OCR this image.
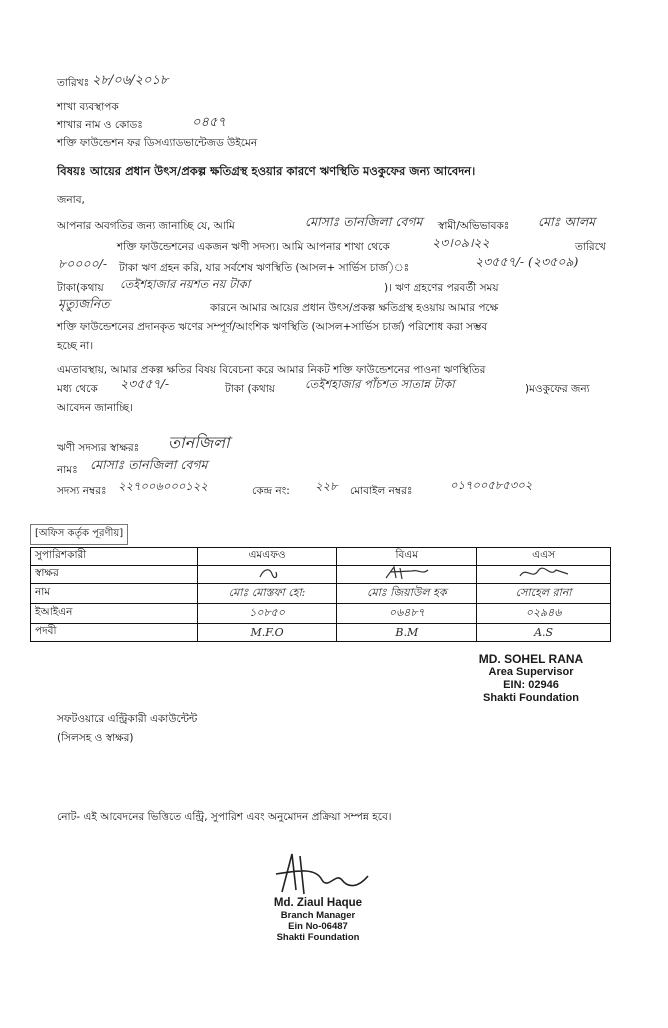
তারিখঃ ২৮/০৬/২০১৮
শাখা ব্যবস্থাপক
শাখার নাম ও কোডঃ	০৪৫৭
শক্তি ফাউন্ডেশন ফর ডিসএ্যাডভান্টেজড উইমেন
বিষয়ঃ আয়ের প্রধান উৎস/প্রকল্প ক্ষতিগ্রস্থ হওয়ার কারণে ঋণস্থিতি মওকুফের জন্য আবেদন।
জনাব,
আপনার অবগতির জন্য জানাচ্ছি যে, আমি	মোসাঃ তানজিলা বেগম স্বামী/অভিভাবকঃ মোঃ আলম
শক্তি ফাউন্ডেশনের একজন ঋণী সদস্য। আমি আপনার শাখা থেকে	২৩।০৯।২২	তারিখে
৮০০০০/- টাকা ঋণ গ্রহন করি, যার সর্বশেষ ঋণস্থিতি (আসল+ সার্ভিস চার্জ)ঃ	২৩৫৫৭/- (২৩৫০৯)
টাকা(কথায় তেইশহাজার নয়শত নয় টাকা	)। ঋণ গ্রহণের পরবর্তী সময়
মৃত্যুজনিত	কারনে আমার আয়ের প্রধান উৎস/প্রকল্প ক্ষতিগ্রস্থ হওয়ায় আমার পক্ষে
শক্তি ফাউন্ডেশনের প্রদানকৃত ঋণের সম্পূর্ণ/আংশিক ঋণস্থিতি (আসল+সার্ভিস চার্জ) পরিশোধ করা সম্ভব
হচ্ছে না।
এমতাবস্থায়, আমার প্রকল্প ক্ষতির বিষয় বিবেচনা করে আমার নিকট শক্তি ফাউন্ডেশনের পাওনা ঋণস্থিতির
মধ্য থেকে ২৩৫৫৭/-	টাকা (কথায়	তেইশহাজার পাঁচশত সাতান্ন টাকা	)মওকুফের জন্য
আবেদন জানাচ্ছি।
ঋণী সদস্যর স্বাক্ষরঃ তানজিলা
নামঃ মোসাঃ তানজিলা বেগম
সদস্য নম্বরঃ ২২৭০০৬০০০১২২	কেন্দ্র নং: ২২৮ মোবাইল নম্বরঃ	০১৭০০৫৮৫৩০২
[অফিস কর্তৃক পূরণীয়]
সুপারিশকারী	এমএফও	বিএম	এএস
স্বাক্ষর			
নাম	মোঃ মোস্তফা হো:	মোঃ জিয়াউল হক	সোহেল রানা
ইআইএন	১০৮৫০	০৬৪৮৭	০২৯৪৬
পদবী	M.F.O	B.M	A.S
MD. SOHEL RANA
Area Supervisor
EIN: 02946
Shakti Foundation
সফটওয়ারে এন্ট্রিকারী একাউন্টেন্ট
(সিলসহ ও স্বাক্ষর)
নোট- এই আবেদনের ভিত্তিতে এন্ট্রি, সুপারিশ এবং অনুমোদন প্রক্রিয়া সম্পন্ন হবে।
Md. Ziaul Haque
Branch Manager
Ein No-06487
Shakti Foundation
